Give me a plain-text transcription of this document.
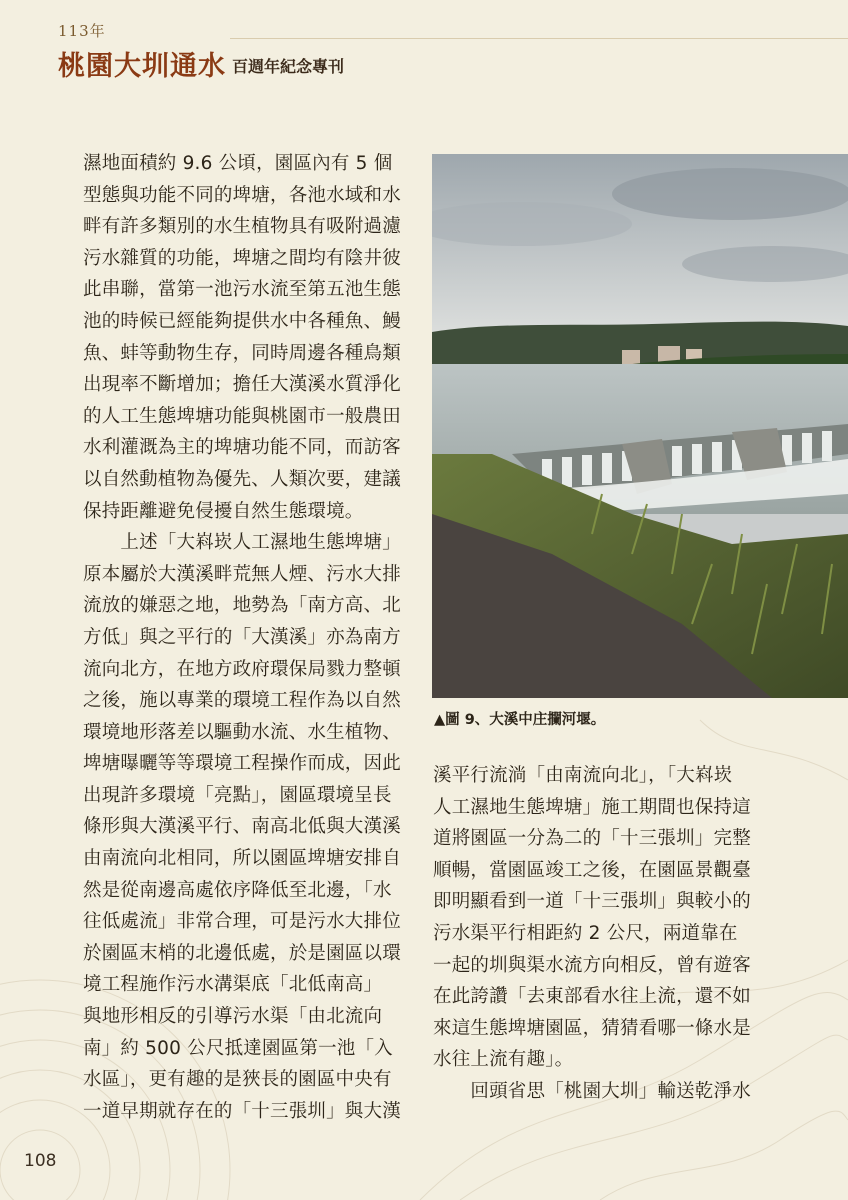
113年
桃園大圳通水 百週年紀念專刊
濕地面積約 9.6 公頃，園區內有 5 個
型態與功能不同的埤塘，各池水域和水
畔有許多類別的水生植物具有吸附過濾
污水雜質的功能，埤塘之間均有陰井彼
此串聯，當第一池污水流至第五池生態
池的時候已經能夠提供水中各種魚、鰻
魚、蚌等動物生存，同時周邊各種鳥類
出現率不斷增加；擔任大漢溪水質淨化
的人工生態埤塘功能與桃園市一般農田
水利灌溉為主的埤塘功能不同，而訪客
以自然動植物為優先、人類次要，建議
保持距離避免侵擾自然生態環境。
　　上述「大嵙崁人工濕地生態埤塘」
原本屬於大漢溪畔荒無人煙、污水大排
流放的嫌惡之地，地勢為「南方高、北
方低」與之平行的「大漢溪」亦為南方
流向北方，在地方政府環保局戮力整頓
之後，施以專業的環境工程作為以自然
環境地形落差以驅動水流、水生植物、
埤塘曝曬等等環境工程操作而成，因此
出現許多環境「亮點」，園區環境呈長
條形與大漢溪平行、南高北低與大漢溪
由南流向北相同，所以園區埤塘安排自
然是從南邊高處依序降低至北邊，「水
往低處流」非常合理，可是污水大排位
於園區末梢的北邊低處，於是園區以環
境工程施作污水溝渠底「北低南高」
與地形相反的引導污水渠「由北流向
南」約 500 公尺抵達園區第一池「入
水區」，更有趣的是狹長的園區中央有
一道早期就存在的「十三張圳」與大漢
▲圖 9、大溪中庄攔河堰。
溪平行流淌「由南流向北」，「大嵙崁
人工濕地生態埤塘」施工期間也保持這
道將園區一分為二的「十三張圳」完整
順暢，當園區竣工之後，在園區景觀臺
即明顯看到一道「十三張圳」與較小的
污水渠平行相距約 2 公尺，兩道靠在
一起的圳與渠水流方向相反，曾有遊客
在此誇讚「去東部看水往上流，還不如
來這生態埤塘園區，猜猜看哪一條水是
水往上流有趣」。
　　回頭省思「桃園大圳」輸送乾淨水
108
